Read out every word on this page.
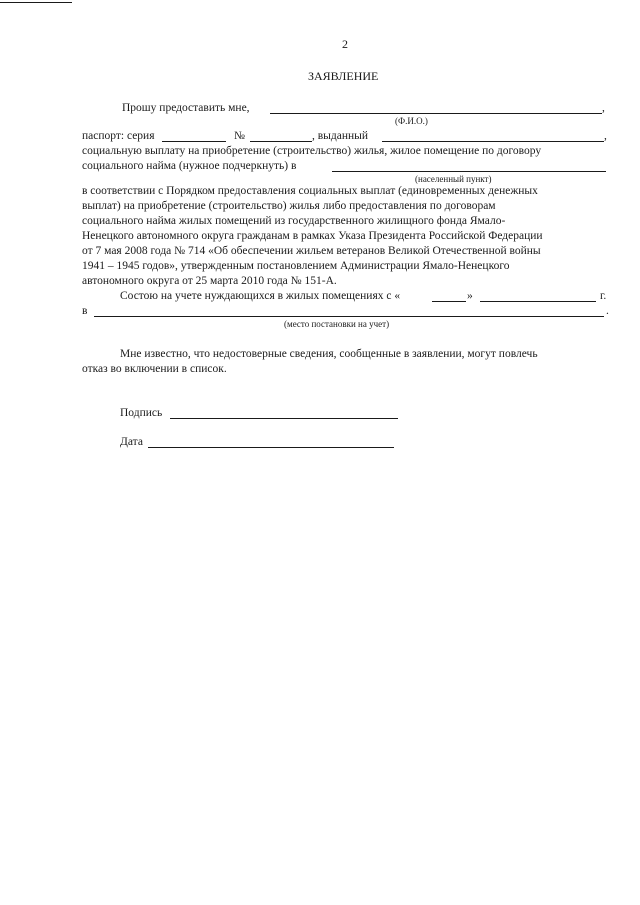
2
ЗАЯВЛЕНИЕ
Прошу предоставить мне,	,
(Ф.И.О.)
паспорт: серия	№	, выданный	,
социальную выплату на приобретение (строительство) жилья, жилое помещение по договору
социального найма (нужное подчеркнуть) в
(населенный пункт)
в соответствии с Порядком предоставления социальных выплат (единовременных денежных
выплат) на приобретение (строительство) жилья либо предоставления по договорам
социального найма жилых помещений из государственного жилищного фонда Ямало-
Ненецкого автономного округа гражданам в рамках Указа Президента Российской Федерации
от 7 мая 2008 года № 714 «Об обеспечении жильем ветеранов Великой Отечественной войны
1941 – 1945 годов», утвержденным постановлением Администрации Ямало-Ненецкого
автономного округа от 25 марта 2010 года № 151-А.
Состою на учете нуждающихся в жилых помещениях с «	»	г.
в	.
(место постановки на учет)
Мне известно, что недостоверные сведения, сообщенные в заявлении, могут повлечь
отказ во включении в список.
Подпись
Дата
